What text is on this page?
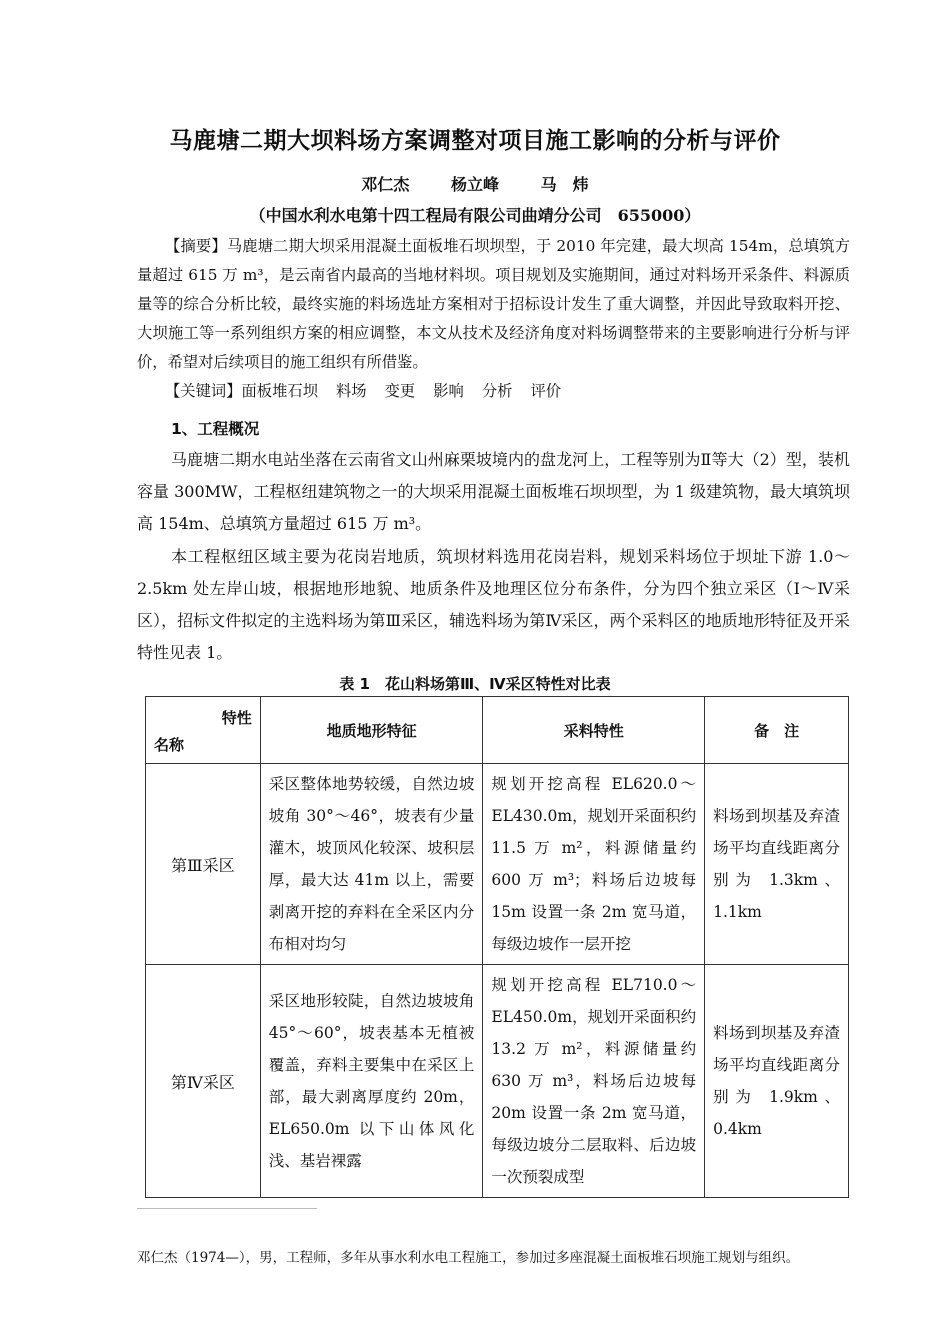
马鹿塘二期大坝料场方案调整对项目施工影响的分析与评价
邓仁杰	杨立峰	马　炜
（中国水利水电第十四工程局有限公司曲靖分公司　655000）
【摘要】马鹿塘二期大坝采用混凝土面板堆石坝坝型，于 2010 年完建，最大坝高 154m，总填筑方量超过 615 万 m³，是云南省内最高的当地材料坝。项目规划及实施期间，通过对料场开采条件、料源质量等的综合分析比较，最终实施的料场选址方案相对于招标设计发生了重大调整，并因此导致取料开挖、大坝施工等一系列组织方案的相应调整，本文从技术及经济角度对料场调整带来的主要影响进行分析与评价，希望对后续项目的施工组织有所借鉴。
【关键词】面板堆石坝 料场 变更 影响 分析 评价
1、工程概况
马鹿塘二期水电站坐落在云南省文山州麻栗坡境内的盘龙河上，工程等别为Ⅱ等大（2）型，装机容量 300MW，工程枢纽建筑物之一的大坝采用混凝土面板堆石坝坝型，为 1 级建筑物，最大填筑坝高 154m、总填筑方量超过 615 万 m³。
本工程枢纽区域主要为花岗岩地质，筑坝材料选用花岗岩料，规划采料场位于坝址下游 1.0～2.5km 处左岸山坡，根据地形地貌、地质条件及地理区位分布条件，分为四个独立采区（Ⅰ～Ⅳ采区），招标文件拟定的主选料场为第Ⅲ采区，辅选料场为第Ⅳ采区，两个采料区的地质地形特征及开采特性见表 1。
表 1　花山料场第Ⅲ、Ⅳ采区特性对比表
特性
名称	地质地形特征	采料特性	备　注
第Ⅲ采区	采区整体地势较缓，自然边坡坡角 30°～46°，坡表有少量灌木，坡顶风化较深、坡积层厚，最大达 41m 以上，需要剥离开挖的弃料在全采区内分布相对均匀	规划开挖高程 EL620.0～EL430.0m，规划开采面积约 11.5 万 m²，料源储量约 600 万 m³；料场后边坡每 15m 设置一条 2m 宽马道，每级边坡作一层开挖	料场到坝基及弃渣场平均直线距离分别为 1.3km、1.1km
第Ⅳ采区	采区地形较陡，自然边坡坡角 45°～60°，坡表基本无植被覆盖，弃料主要集中在采区上部，最大剥离厚度约 20m， EL650.0m 以下山体风化浅、基岩裸露	规划开挖高程 EL710.0～EL450.0m，规划开采面积约 13.2 万 m²，料源储量约 630 万 m³，料场后边坡每 20m 设置一条 2m 宽马道，每级边坡分二层取料、后边坡一次预裂成型	料场到坝基及弃渣场平均直线距离分别为 1.9km、0.4km
邓仁杰（1974—），男，工程师，多年从事水利水电工程施工，参加过多座混凝土面板堆石坝施工规划与组织。
